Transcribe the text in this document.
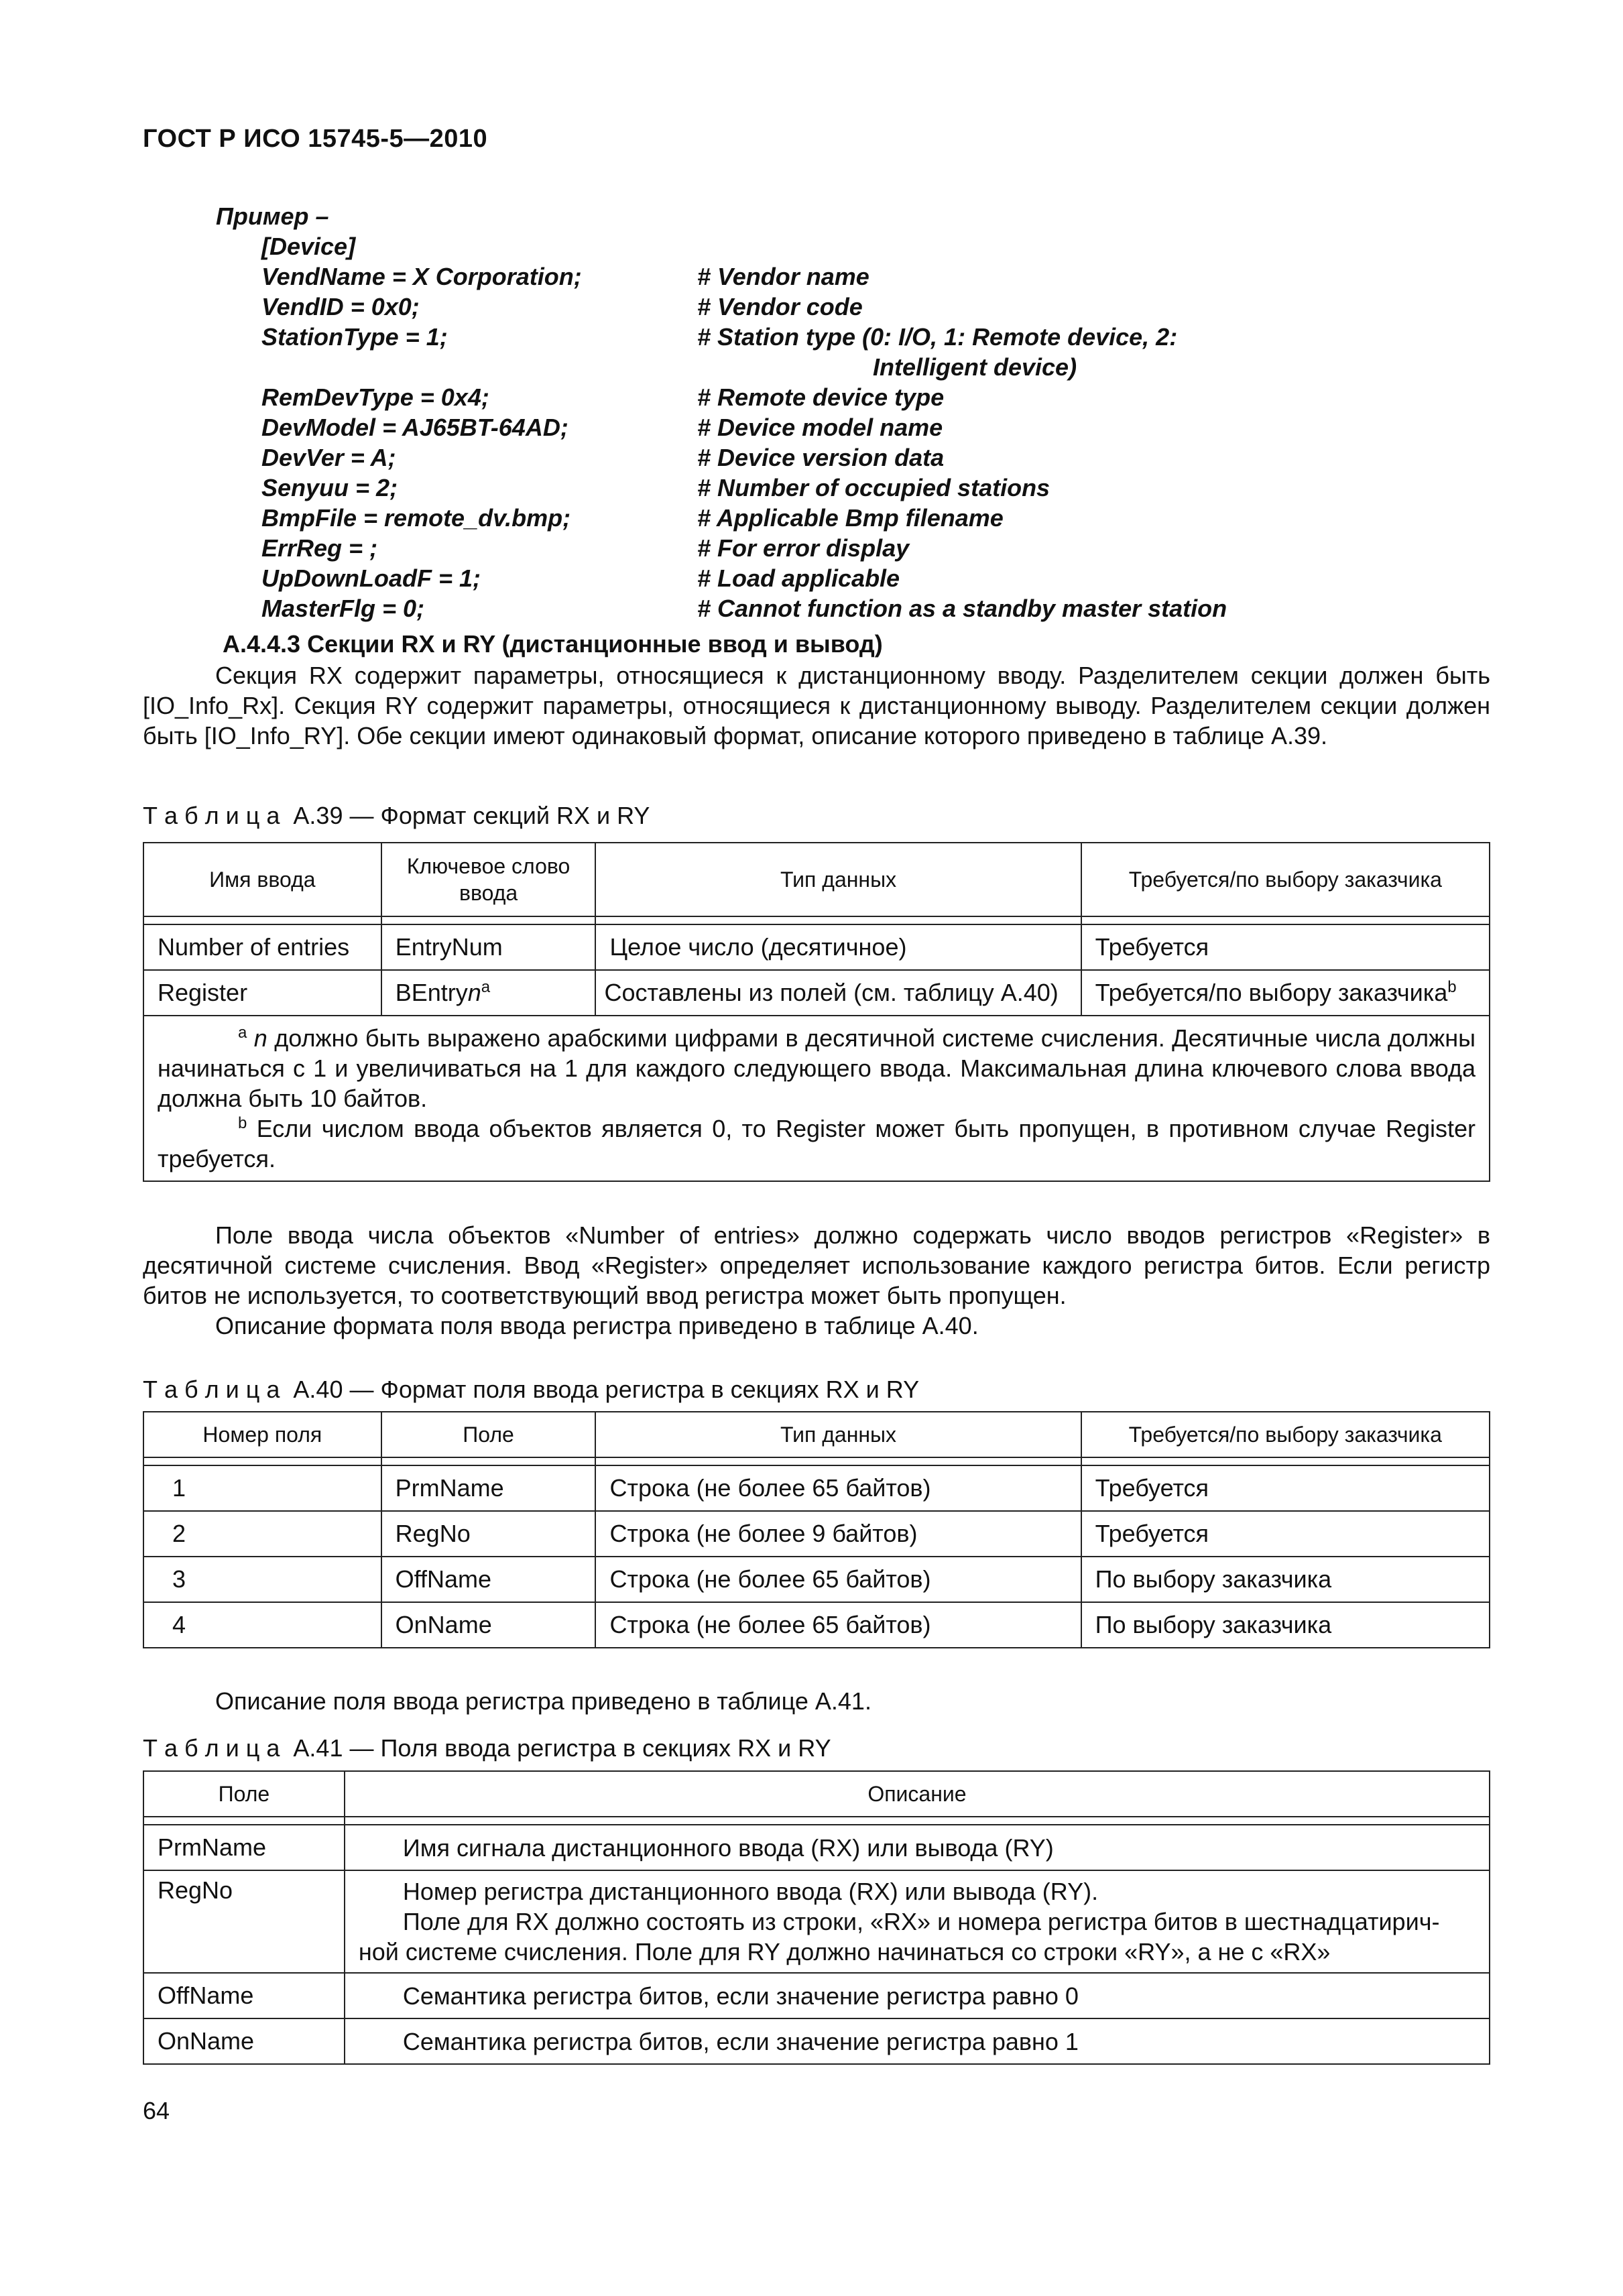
ГОСТ Р ИСО 15745-5—2010
Пример –
[Device]
VendName = X Corporation;	# Vendor name
VendID = 0x0;	# Vendor code
StationType = 1;	# Station type (0: I/O, 1: Remote device, 2:
Intelligent device)
RemDevType = 0x4;	# Remote device type
DevModel = AJ65BT-64AD;	# Device model name
DevVer = A;	# Device version data
Senyuu = 2;	# Number of occupied stations
BmpFile = remote_dv.bmp;	# Applicable Bmp filename
ErrReg = ;	# For error display
UpDownLoadF = 1;	# Load applicable
MasterFlg = 0;	# Cannot function as a standby master station
A.4.4.3 Секции RX и RY (дистанционные ввод и вывод)
Секция RX содержит параметры, относящиеся к дистанционному вводу. Разделителем секции должен быть [IO_Info_Rx]. Секция RY содержит параметры, относящиеся к дистанционному выводу. Разделителем секции должен быть [IO_Info_RY]. Обе секции имеют одинаковый формат, описание которого приведено в таблице A.39.
Т а б л и ц а  A.39 — Формат секций RX и RY
Имя ввода	Ключевое слово ввода	Тип данных	Требуется/по выбору заказчика

Number of entries	EntryNum	Целое число (десятичное)	Требуется
Register	BEntryn$^a$	Составлены из полей (см. таблицу A.40)	Требуется/по выбору заказчика$^b$

$^a$ n должно быть выражено арабскими цифрами в десятичной системе счисления. Десятичные числа должны начинаться с 1 и увеличиваться на 1 для каждого следующего ввода. Максимальная длина ключевого слова ввода должна быть 10 байтов.
$^b$ Если числом ввода объектов является 0, то Register может быть пропущен, в противном случае Register требуется.			
Поле ввода числа объектов «Number of entries» должно содержать число вводов регистров «Register» в десятичной системе счисления. Ввод «Register» определяет использование каждого регистра битов. Если регистр битов не используется, то соответствующий ввод регистра может быть пропущен.
Описание формата поля ввода регистра приведено в таблице A.40.
Т а б л и ц а  A.40 — Формат поля ввода регистра в секциях RX и RY
Номер поля	Поле	Тип данных	Требуется/по выбору заказчика

1	PrmName	Строка (не более 65 байтов)	Требуется
2	RegNo	Строка (не более 9 байтов)	Требуется
3	OffName	Строка (не более 65 байтов)	По выбору заказчика
4	OnName	Строка (не более 65 байтов)	По выбору заказчика
Описание поля ввода регистра приведено в таблице A.41.
Т а б л и ц а  A.41 — Поля ввода регистра в секциях RX и RY
Поле	Описание

PrmName	Имя сигнала дистанционного ввода (RX) или вывода (RY)
RegNo	Номер регистра дистанционного ввода (RX) или вывода (RY).
Поле для RX должно состоять из строки, «RX» и номера регистра битов в шестнадцатирич-
ной системе счисления. Поле для RY должно начинаться со строки «RY», а не с «RX»

OffName	Семантика регистра битов, если значение регистра равно 0
OnName	Семантика регистра битов, если значение регистра равно 1
64
